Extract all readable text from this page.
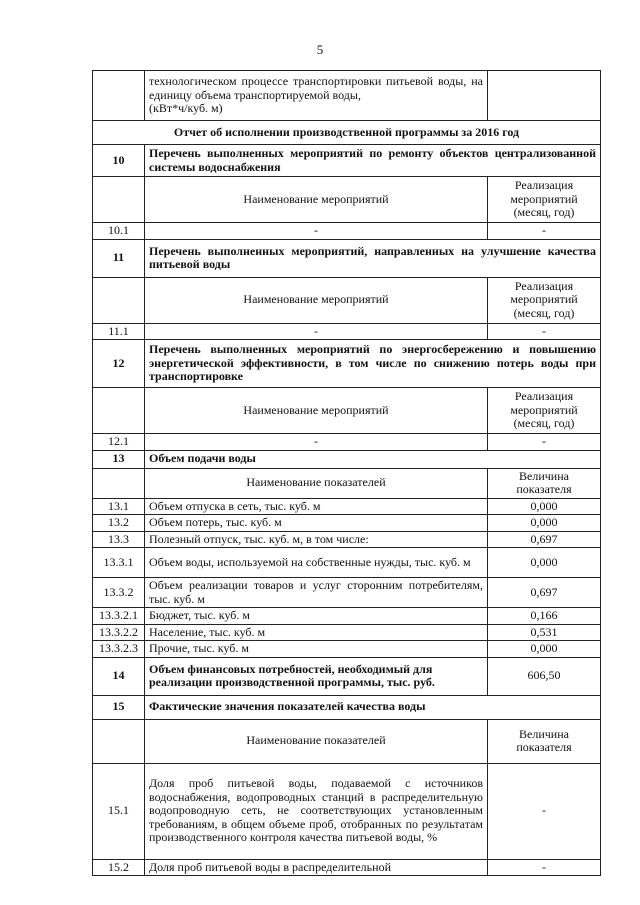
5

	технологическом процессе транспортировки питьевой воды, на единицу объема транспортируемой воды,
(кВт*ч/куб. м)	

Отчет об исполнении производственной программы за 2016 год		
10	Перечень выполненных мероприятий по ремонту объектов централизованной системы водоснабжения	
	Наименование мероприятий	Реализация мероприятий (месяц, год)
10.1	-	-
11	Перечень выполненных мероприятий, направленных на улучшение качества питьевой воды	
	Наименование мероприятий	Реализация мероприятий (месяц, год)
11.1	-	-
12	Перечень выполненных мероприятий по энергосбережению и повышению энергетической эффективности, в том числе по снижению потерь воды при транспортировке	
	Наименование мероприятий	Реализация мероприятий (месяц, год)
12.1	-	-
13	Объем подачи воды	
	Наименование показателей	Величина показателя
13.1	Объем отпуска в сеть, тыс. куб. м	0,000
13.2	Объем потерь, тыс. куб. м	0,000
13.3	Полезный отпуск, тыс. куб. м, в том числе:	0,697
13.3.1	Объем воды, используемой на собственные нужды, тыс. куб. м	0,000
13.3.2	Объем реализации товаров и услуг сторонним потребителям, тыс. куб. м	0,697
13.3.2.1	Бюджет, тыс. куб. м	0,166
13.3.2.2	Население, тыс. куб. м	0,531
13.3.2.3	Прочие, тыс. куб. м	0,000
14	Объем финансовых потребностей, необходимый для реализации производственной программы, тыс. руб.	606,50
15	Фактические значения показателей качества воды	
	Наименование показателей	Величина показателя
15.1	Доля проб питьевой воды, подаваемой с источников водоснабжения, водопроводных станций в распределительную водопроводную сеть, не соответствующих установленным требованиям, в общем объеме проб, отобранных по результатам производственного контроля качества питьевой воды, %	-
15.2	Доля проб питьевой воды в распределительной	-
